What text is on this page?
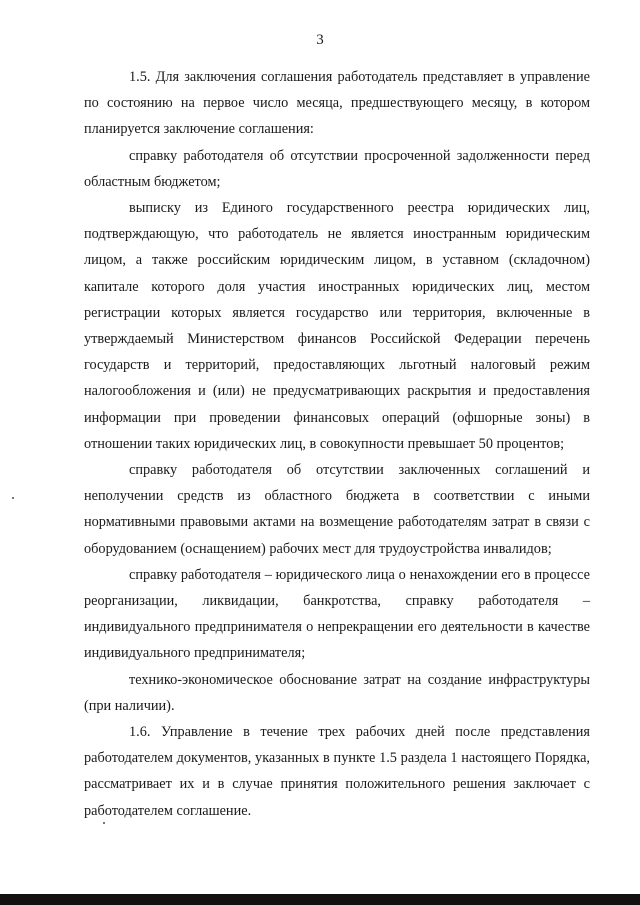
3

1.5. Для заключения соглашения работодатель представляет в управление по состоянию на первое число месяца, предшествующего месяцу, в котором планируется заключение соглашения:

справку работодателя об отсутствии просроченной задолженности перед областным бюджетом;

выписку из Единого государственного реестра юридических лиц, подтверждающую, что работодатель не является иностранным юридическим лицом, а также российским юридическим лицом, в уставном (складочном) капитале которого доля участия иностранных юридических лиц, местом регистрации которых является государство или территория, включенные в утверждаемый Министерством финансов Российской Федерации перечень государств и территорий, предоставляющих льготный налоговый режим налогообложения и (или) не предусматривающих раскрытия и предоставления информации при проведении финансовых операций (офшорные зоны) в отношении таких юридических лиц, в совокупности превышает 50 процентов;

справку работодателя об отсутствии заключенных соглашений и неполучении средств из областного бюджета в соответствии с иными нормативными правовыми актами на возмещение работодателям затрат в связи с оборудованием (оснащением) рабочих мест для трудоустройства инвалидов;

справку работодателя – юридического лица о ненахождении его в процессе реорганизации, ликвидации, банкротства, справку работодателя – индивидуального предпринимателя о непрекращении его деятельности в качестве индивидуального предпринимателя;

технико-экономическое обоснование затрат на создание инфраструктуры (при наличии).

1.6. Управление в течение трех рабочих дней после представления работодателем документов, указанных в пункте 1.5 раздела 1 настоящего Порядка, рассматривает их и в случае принятия положительного решения заключает с работодателем соглашение.
